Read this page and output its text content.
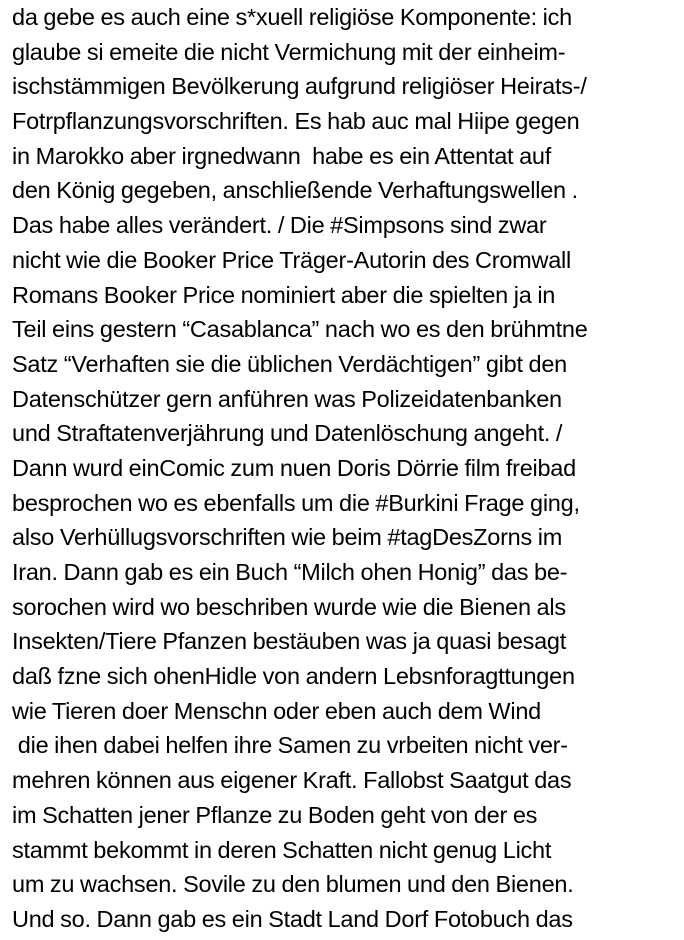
da gebe es auch eine s*xuell religiöse Komponente: ich
glaube si emeite die nicht Vermichung mit der einheim-
ischstämmigen Bevölkerung aufgrund religiöser Heirats-/
Fotrpflanzungsvorschriften. Es hab auc mal Hiipe gegen
in Marokko aber irgnedwann  habe es ein Attentat auf
den König gegeben, anschließende Verhaftungswellen .
Das habe alles verändert. / Die #Simpsons sind zwar
nicht wie die Booker Price Träger-Autorin des Cromwall
Romans Booker Price nominiert aber die spielten ja in
Teil eins gestern “Casablanca” nach wo es den brühmtne
Satz “Verhaften sie die üblichen Verdächtigen” gibt den
Datenschützer gern anführen was Polizeidatenbanken
und Straftatenverjährung und Datenlöschung angeht. /
Dann wurd einComic zum nuen Doris Dörrie film freibad
besprochen wo es ebenfalls um die #Burkini Frage ging,
also Verhüllugsvorschriften wie beim #tagDesZorns im
Iran. Dann gab es ein Buch “Milch ohen Honig” das be-
sorochen wird wo beschriben wurde wie die Bienen als
Insekten/Tiere Pfanzen bestäuben was ja quasi besagt
daß fzne sich ohenHidle von andern Lebsnforagttungen
wie Tieren doer Menschn oder eben auch dem Wind
die ihen dabei helfen ihre Samen zu vrbeiten nicht ver-
mehren können aus eigener Kraft. Fallobst Saatgut das
im Schatten jener Pflanze zu Boden geht von der es
stammt bekommt in deren Schatten nicht genug Licht
um zu wachsen. Sovile zu den blumen und den Bienen.
Und so. Dann gab es ein Stadt Land Dorf Fotobuch das
